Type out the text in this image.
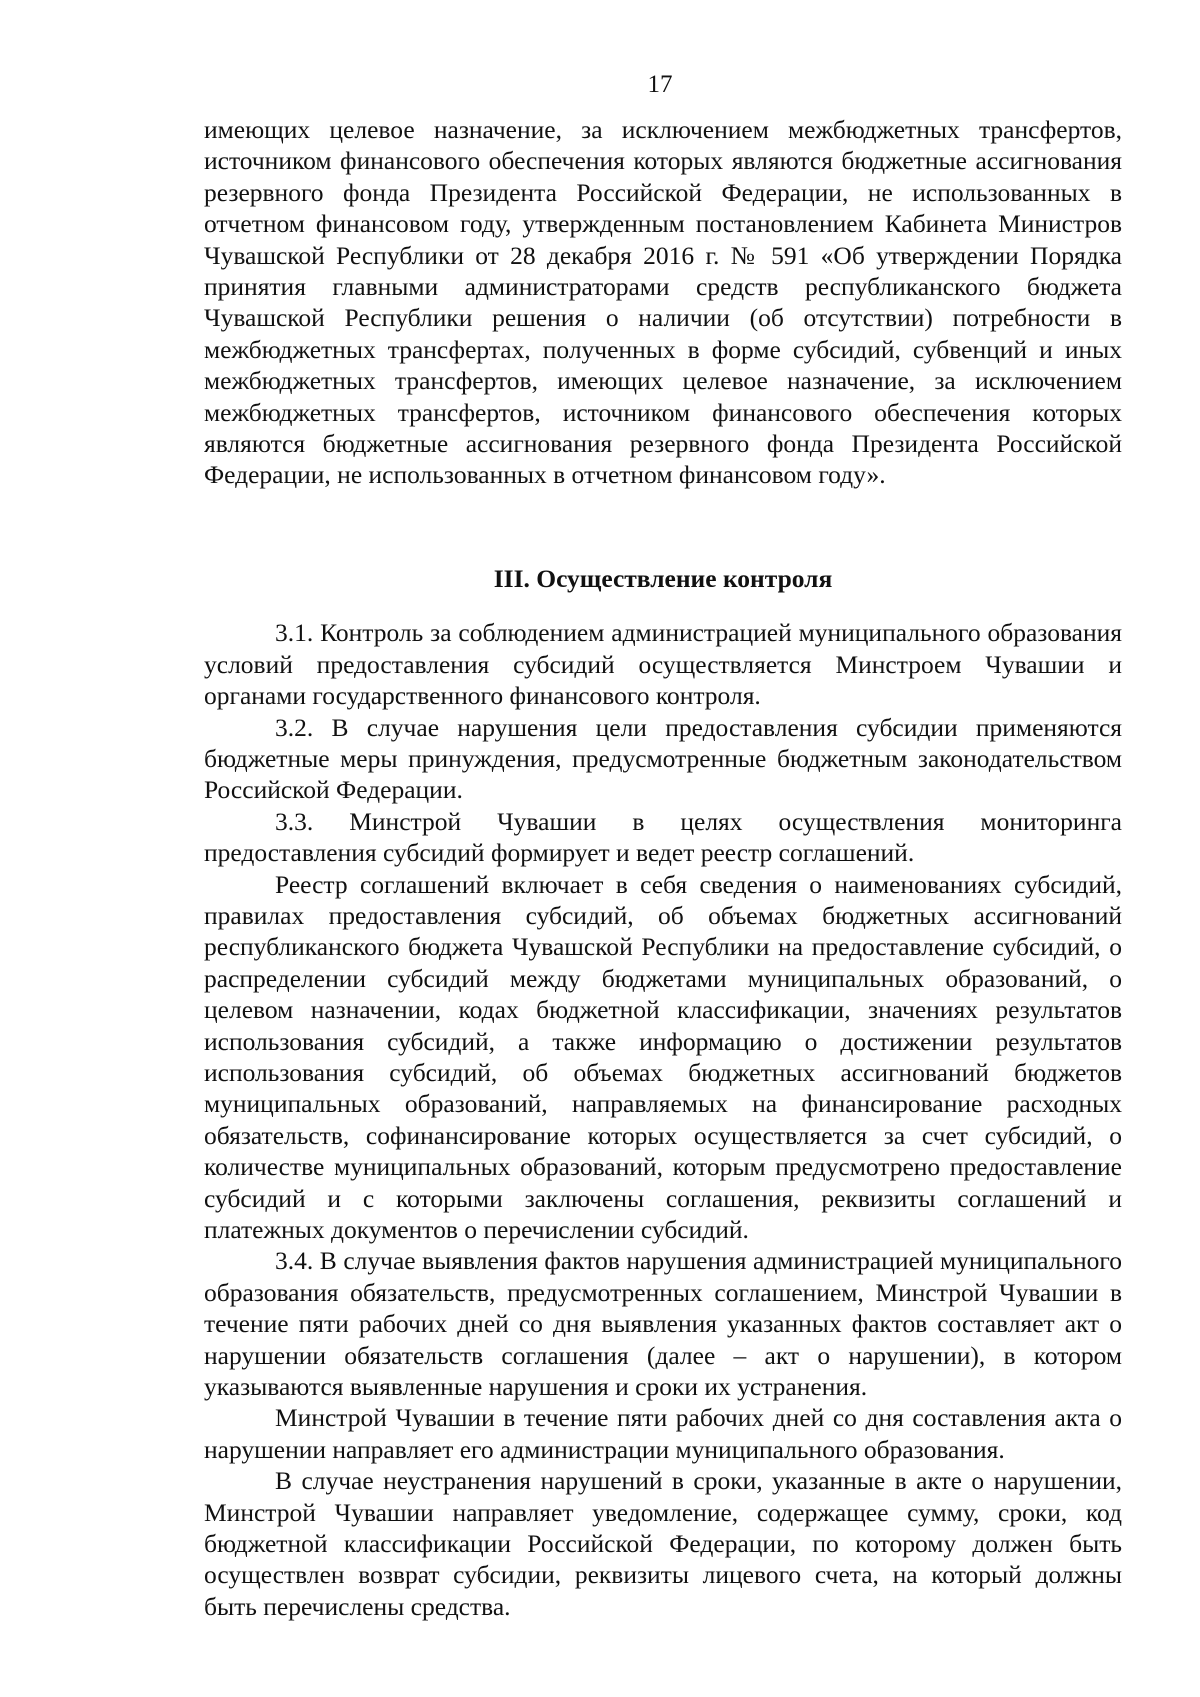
17

имеющих целевое назначение, за исключением межбюджетных трансфертов, источником финансового обеспечения которых являются бюджетные ассигнования резервного фонда Президента Российской Федерации, не использованных в отчетном финансовом году, утвержденным постановлением Кабинета Министров Чувашской Республики от 28 декабря 2016 г. № 591 «Об утверждении Порядка принятия главными администраторами средств республиканского бюджета Чувашской Республики решения о наличии (об отсутствии) потребности в межбюджетных трансфертах, полученных в форме субсидий, субвенций и иных межбюджетных трансфертов, имеющих целевое назначение, за исключением межбюджетных трансфертов, источником финансового обеспечения которых являются бюджетные ассигнования резервного фонда Президента Российской Федерации, не использованных в отчетном финансовом году».

III. Осуществление контроля

3.1. Контроль за соблюдением администрацией муниципального образования условий предоставления субсидий осуществляется Минстроем Чувашии и органами государственного финансового контроля.

3.2. В случае нарушения цели предоставления субсидии применяются бюджетные меры принуждения, предусмотренные бюджетным законодательством Российской Федерации.

3.3. Минстрой Чувашии в целях осуществления мониторинга предоставления субсидий формирует и ведет реестр соглашений.

Реестр соглашений включает в себя сведения о наименованиях субсидий, правилах предоставления субсидий, об объемах бюджетных ассигнований республиканского бюджета Чувашской Республики на предоставление субсидий, о распределении субсидий между бюджетами муниципальных образований, о целевом назначении, кодах бюджетной классификации, значениях результатов использования субсидий, а также информацию о достижении результатов использования субсидий, об объемах бюджетных ассигнований бюджетов муниципальных образований, направляемых на финансирование расходных обязательств, софинансирование которых осуществляется за счет субсидий, о количестве муниципальных образований, которым предусмотрено предоставление субсидий и с которыми заключены соглашения, реквизиты соглашений и платежных документов о перечислении субсидий.

3.4. В случае выявления фактов нарушения администрацией муниципального образования обязательств, предусмотренных соглашением, Минстрой Чувашии в течение пяти рабочих дней со дня выявления указанных фактов составляет акт о нарушении обязательств соглашения (далее – акт о нарушении), в котором указываются выявленные нарушения и сроки их устранения.

Минстрой Чувашии в течение пяти рабочих дней со дня составления акта о нарушении направляет его администрации муниципального образования.

В случае неустранения нарушений в сроки, указанные в акте о нарушении, Минстрой Чувашии направляет уведомление, содержащее сумму, сроки, код бюджетной классификации Российской Федерации, по которому должен быть осуществлен возврат субсидии, реквизиты лицевого счета, на который должны быть перечислены средства.
